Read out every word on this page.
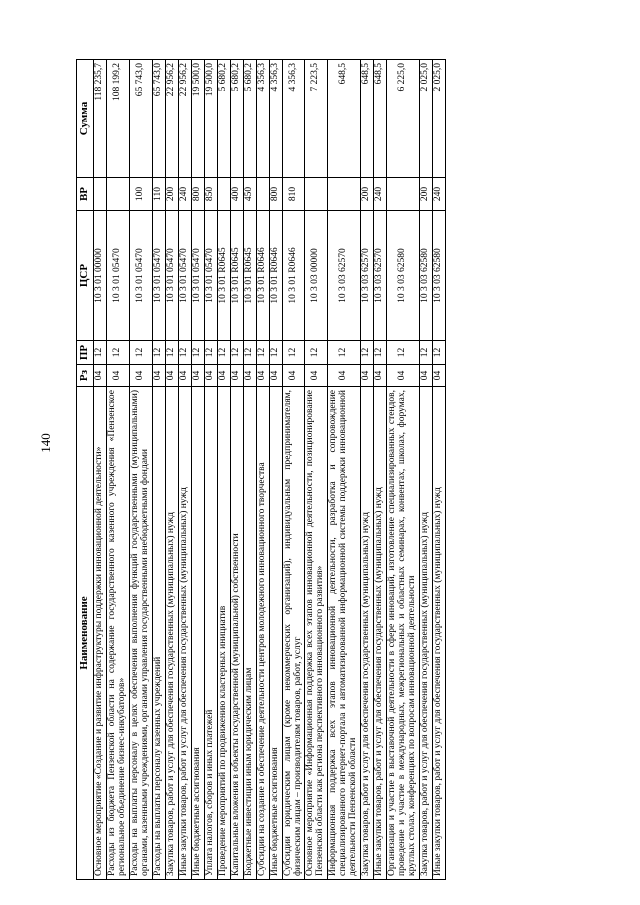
140
Наименование	Рз	ПР	ЦСР	ВР	Сумма
Основное мероприятие «Создание и развитие инфраструктуры поддержки инновационной деятельности»	04	12	10 3 01 00000		118 235,7
Расходы из бюджета Пензенской области на содержание государственного казенного учреждения «Пензенское региональное объединение бизнес-инкубаторов»	04	12	10 3 01 05470		108 199,2
Расходы на выплаты персоналу в целях обеспечения выполнения функций государственными (муниципальными) органами, казенными учреждениями, органами управления государственными внебюджетными фондами	04	12	10 3 01 05470	100	65 743,0
Расходы на выплаты персоналу казенных учреждений	04	12	10 3 01 05470	110	65 743,0
Закупка товаров, работ и услуг для обеспечения государственных (муниципальных) нужд	04	12	10 3 01 05470	200	22 956,2
Иные закупки товаров, работ и услуг для обеспечения государственных (муниципальных) нужд	04	12	10 3 01 05470	240	22 956,2
Иные бюджетные ассигнования	04	12	10 3 01 05470	800	19 500,0
Уплата налогов, сборов и иных платежей	04	12	10 3 01 05470	850	19 500,0
Проведение мероприятий по продвижению кластерных инициатив	04	12	10 3 01 R0645		5 680,2
Капитальные вложения в объекты государственной (муниципальной) собственности	04	12	10 3 01 R0645	400	5 680,2
Бюджетные инвестиции иным юридическим лицам	04	12	10 3 01 R0645	450	5 680,2
Субсидии на создание и обеспечение деятельности центров молодежного инновационного творчества	04	12	10 3 01 R0646		4 356,3
Иные бюджетные ассигнования	04	12	10 3 01 R0646	800	4 356,3
Субсидии юридическим лицам (кроме некоммерческих организаций), индивидуальным предпринимателям, физическим лицам – производителям товаров, работ, услуг	04	12	10 3 01 R0646	810	4 356,3
Основное мероприятие «Информационная поддержка всех этапов инновационной деятельности, позиционирование Пензенской области как региона перспективного инновационного развития»	04	12	10 3 03 00000		7 223,5
Информационная поддержка всех этапов инновационной деятельности, разработка и сопровождение специализированного интернет-портала и автоматизированной информационной системы поддержки инновационной деятельности Пензенской области	04	12	10 3 03 62570		648,5
Закупка товаров, работ и услуг для обеспечения государственных (муниципальных) нужд	04	12	10 3 03 62570	200	648,5
Иные закупки товаров, работ и услуг для обеспечения государственных (муниципальных) нужд	04	12	10 3 03 62570	240	648,5
Организация и участие в выставочной деятельности в сфере инноваций, изготовление специализированных стендов, проведение и участие в международных, межрегиональных и областных семинарах, конвентах, школах, форумах, круглых столах, конференциях по вопросам инновационной деятельности	04	12	10 3 03 62580		6 225,0
Закупка товаров, работ и услуг для обеспечения государственных (муниципальных) нужд	04	12	10 3 03 62580	200	2 025,0
Иные закупки товаров, работ и услуг для обеспечения государственных (муниципальных) нужд	04	12	10 3 03 62580	240	2 025,0
